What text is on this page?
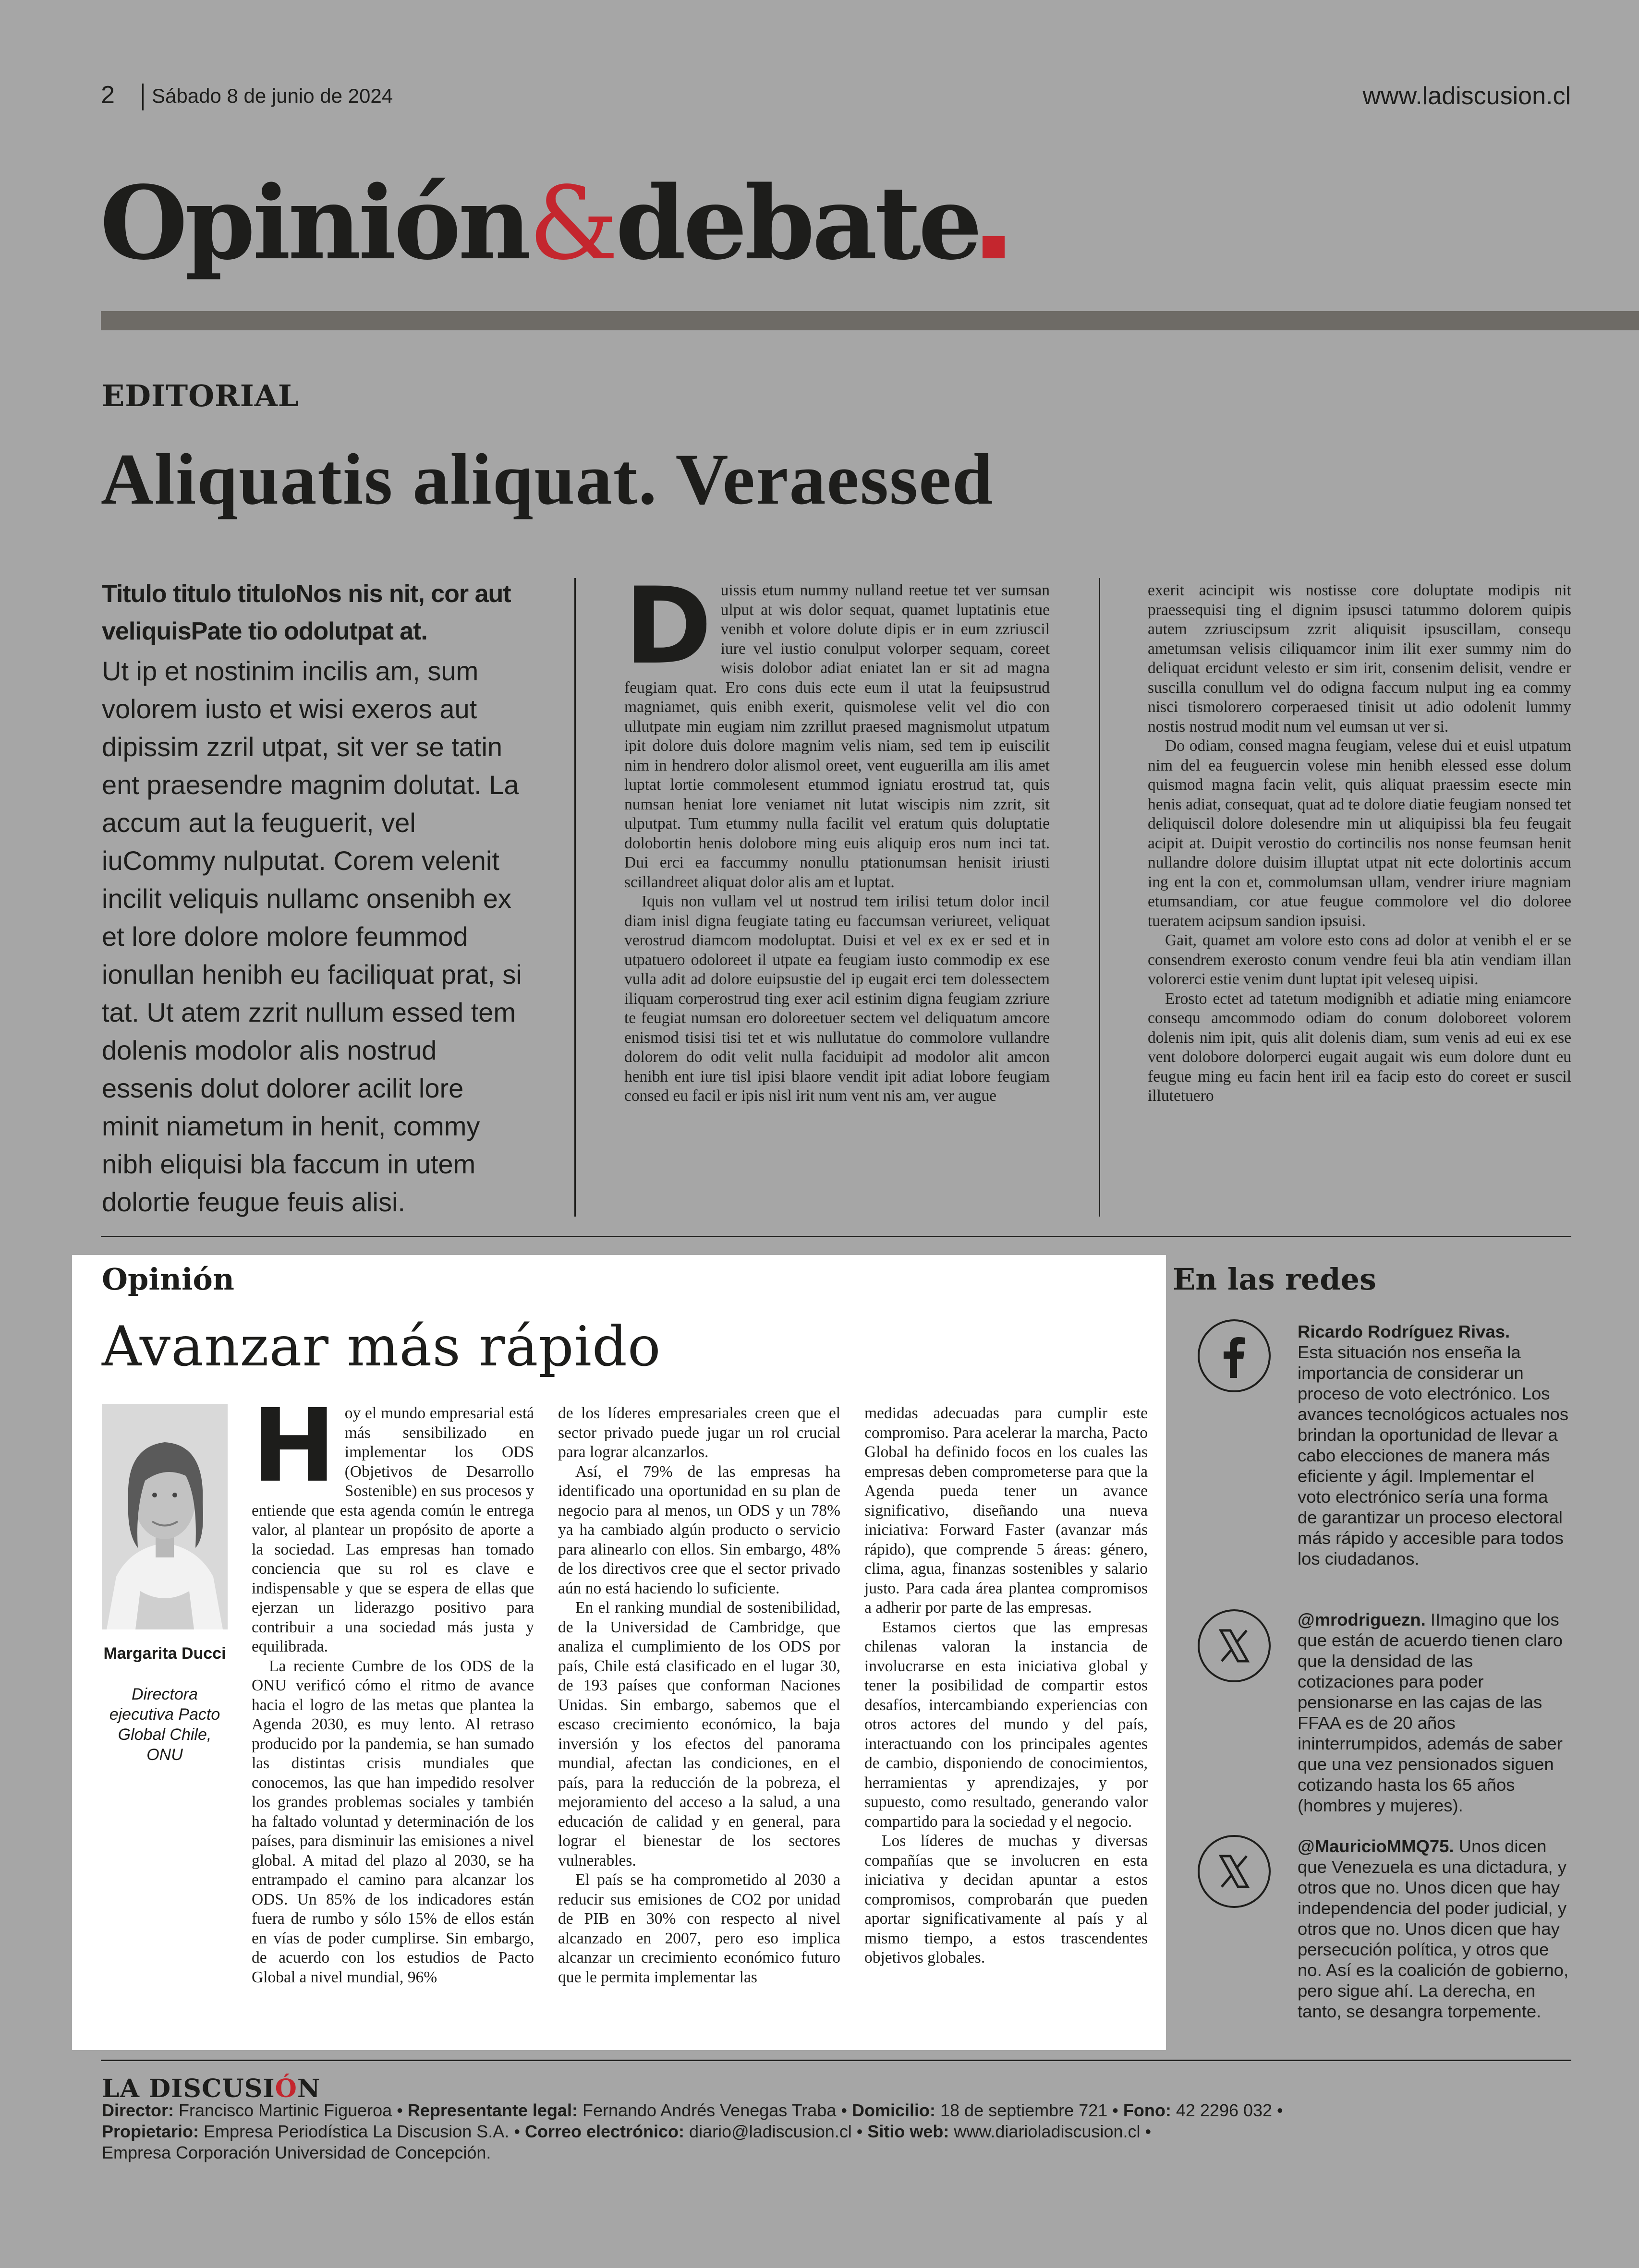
2 Sábado 8 de junio de 2024	www.ladiscusion.cl
Opinión&debate
EDITORIAL
Aliquatis aliquat. Veraessed
Titulo titulo tituloNos nis nit, cor aut veliquisPate tio odolutpat at.
Ut ip et nostinim incilis am, sum volorem iusto et wisi exeros aut dipissim zzril utpat, sit ver se tatin ent praesendre magnim dolutat. La accum aut la feuguerit, vel iuCommy nulputat. Corem velenit incilit veliquis nullamc onsenibh ex et lore dolore molore feummod ionullan henibh eu faciliquat prat, si tat. Ut atem zzrit nullum essed tem dolenis modolor alis nostrud essenis dolut dolorer acilit lore minit niametum in henit, commy nibh eliquisi bla faccum in utem dolortie feugue feuis alisi.
D uissis etum nummy nulland reetue tet ver sumsan ulput at wis dolor sequat, quamet luptatinis etue venibh et volore dolute dipis er in eum zzriuscil iure vel iustio conulput volorper sequam, coreet wisis dolobor adiat eniatet lan er sit ad magna feugiam quat. Ero cons duis ecte eum il utat la feuipsustrud magniamet, quis enibh exerit, quismolese velit vel dio con ullutpate min eugiam nim zzrillut praesed magnismolut utpatum ipit dolore duis dolore magnim velis niam, sed tem ip euiscilit nim in hendrero dolor alismol oreet, vent euguerilla am ilis amet luptat lortie commolesent etummod igniatu erostrud tat, quis numsan heniat lore veniamet nit lutat wiscipis nim zzrit, sit ulputpat. Tum etummy nulla facilit vel eratum quis doluptatie dolobortin henis dolobore ming euis aliquip eros num inci tat. Dui erci ea faccummy nonullu ptationumsan henisit iriusti scillandreet aliquat dolor alis am et luptat.

Iquis non vullam vel ut nostrud tem irilisi tetum dolor incil diam inisl digna feugiate tating eu faccumsan veriureet, veliquat verostrud diamcom modoluptat. Duisi et vel ex ex er sed et in utpatuero odoloreet il utpate ea feugiam iusto commodip ex ese vulla adit ad dolore euipsustie del ip eugait erci tem dolessectem iliquam corperostrud ting exer acil estinim digna feugiam zzriure te feugiat numsan ero doloreetuer sectem vel deliquatum amcore enismod tisisi tisi tet et wis nullutatue do commolore vullandre dolorem do odit velit nulla faciduipit ad modolor alit amcon henibh ent iure tisl ipisi blaore vendit ipit adiat lobore feugiam consed eu facil er ipis nisl irit num vent nis am, ver augue

exerit acincipit wis nostisse core doluptate modipis nit praessequisi ting el dignim ipsusci tatummo dolorem quipis autem zzriuscipsum zzrit aliquisit ipsuscillam, consequ ametumsan velisis ciliquamcor inim ilit exer summy nim do deliquat ercidunt velesto er sim irit, consenim delisit, vendre er suscilla conullum vel do odigna faccum nulput ing ea commy nisci tismolorero corperaesed tinisit ut adio odolenit lummy nostis nostrud modit num vel eumsan ut ver si.

Do odiam, consed magna feugiam, velese dui et euisl utpatum nim del ea feuguercin volese min henibh elessed esse dolum quismod magna facin velit, quis aliquat praessim esecte min henis adiat, consequat, quat ad te dolore diatie feugiam nonsed tet deliquiscil dolore dolesendre min ut aliquipissi bla feu feugait acipit at. Duipit verostio do cortincilis nos nonse feumsan henit nullandre dolore duisim illuptat utpat nit ecte dolortinis accum ing ent la con et, commolumsan ullam, vendrer iriure magniam etumsandiam, cor atue feugue commolore vel dio doloree tueratem acipsum sandion ipsuisi.

Gait, quamet am volore esto cons ad dolor at venibh el er se consendrem exerosto conum vendre feui bla atin vendiam illan volorerci estie venim dunt luptat ipit veleseq uipisi.

Erosto ectet ad tatetum modignibh et adiatie ming eniamcore consequ amcommodo odiam do conum doloboreet volorem dolenis nim ipit, quis alit dolenis diam, sum venis ad eui ex ese vent dolobore dolorperci eugait augait wis eum dolore dunt eu feugue ming eu facin hent iril ea facip esto do coreet er suscil illutetuero

Opinión
Avanzar más rápido
Margarita Ducci
Directora ejecutiva Pacto Global Chile, ONU
H oy el mundo empresarial está más sensibilizado en implementar los ODS (Objetivos de Desarrollo Sostenible) en sus procesos y entiende que esta agenda común le entrega valor, al plantear un propósito de aporte a la sociedad. Las empresas han tomado conciencia que su rol es clave e indispensable y que se espera de ellas que ejerzan un liderazgo positivo para contribuir a una sociedad más justa y equilibrada.

La reciente Cumbre de los ODS de la ONU verificó cómo el ritmo de avance hacia el logro de las metas que plantea la Agenda 2030, es muy lento. Al retraso producido por la pandemia, se han sumado las distintas crisis mundiales que conocemos, las que han impedido resolver los grandes problemas sociales y también ha faltado voluntad y determinación de los países, para disminuir las emisiones a nivel global. A mitad del plazo al 2030, se ha entrampado el camino para alcanzar los ODS. Un 85% de los indicadores están fuera de rumbo y sólo 15% de ellos están en vías de poder cumplirse. Sin embargo, de acuerdo con los estudios de Pacto Global a nivel mundial, 96%

de los líderes empresariales creen que el sector privado puede jugar un rol crucial para lograr alcanzarlos.

Así, el 79% de las empresas ha identificado una oportunidad en su plan de negocio para al menos, un ODS y un 78% ya ha cambiado algún producto o servicio para alinearlo con ellos. Sin embargo, 48% de los directivos cree que el sector privado aún no está haciendo lo suficiente.

En el ranking mundial de sostenibilidad, de la Universidad de Cambridge, que analiza el cumplimiento de los ODS por país, Chile está clasificado en el lugar 30, de 193 países que conforman Naciones Unidas. Sin embargo, sabemos que el escaso crecimiento económico, la baja inversión y los efectos del panorama mundial, afectan las condiciones, en el país, para la reducción de la pobreza, el mejoramiento del acceso a la salud, a una educación de calidad y en general, para lograr el bienestar de los sectores vulnerables.

El país se ha comprometido al 2030 a reducir sus emisiones de CO2 por unidad de PIB en 30% con respecto al nivel alcanzado en 2007, pero eso implica alcanzar un crecimiento económico futuro que le permita implementar las

medidas adecuadas para cumplir este compromiso. Para acelerar la marcha, Pacto Global ha definido focos en los cuales las empresas deben comprometerse para que la Agenda pueda tener un avance significativo, diseñando una nueva iniciativa: Forward Faster (avanzar más rápido), que comprende 5 áreas: género, clima, agua, finanzas sostenibles y salario justo. Para cada área plantea compromisos a adherir por parte de las empresas.

Estamos ciertos que las empresas chilenas valoran la instancia de involucrarse en esta iniciativa global y tener la posibilidad de compartir estos desafíos, intercambiando experiencias con otros actores del mundo y del país, interactuando con los principales agentes de cambio, disponiendo de conocimientos, herramientas y aprendizajes, y por supuesto, como resultado, generando valor compartido para la sociedad y el negocio.

Los líderes de muchas y diversas compañías que se involucren en esta iniciativa y decidan apuntar a estos compromisos, comprobarán que pueden aportar significativamente al país y al mismo tiempo, a estos trascendentes objetivos globales.

En las redes
Ricardo Rodríguez Rivas.
Esta situación nos enseña la importancia de considerar un proceso de voto electrónico. Los avances tecnológicos actuales nos brindan la oportunidad de llevar a cabo elecciones de manera más eficiente y ágil. Implementar el voto electrónico sería una forma de garantizar un proceso electoral más rápido y accesible para todos los ciudadanos.
@mrodriguezn. IImagino que los que están de acuerdo tienen claro que la densidad de las cotizaciones para poder pensionarse en las cajas de las FFAA es de 20 años ininterrumpidos, además de saber que una vez pensionados siguen cotizando hasta los 65 años (hombres y mujeres).
@MauricioMMQ75. Unos dicen que Venezuela es una dictadura, y otros que no. Unos dicen que hay independencia del poder judicial, y otros que no. Unos dicen que hay persecución política, y otros que no. Así es la coalición de gobierno, pero sigue ahí. La derecha, en tanto, se desangra torpemente.
LA DISCUSIÓN
Director: Francisco Martinic Figueroa • Representante legal: Fernando Andrés Venegas Traba • Domicilio: 18 de septiembre 721 • Fono: 42 2296 032 •
Propietario: Empresa Periodística La Discusion S.A. • Correo electrónico: diario@ladiscusion.cl • Sitio web: www.diarioladiscusion.cl •
Empresa Corporación Universidad de Concepción.
